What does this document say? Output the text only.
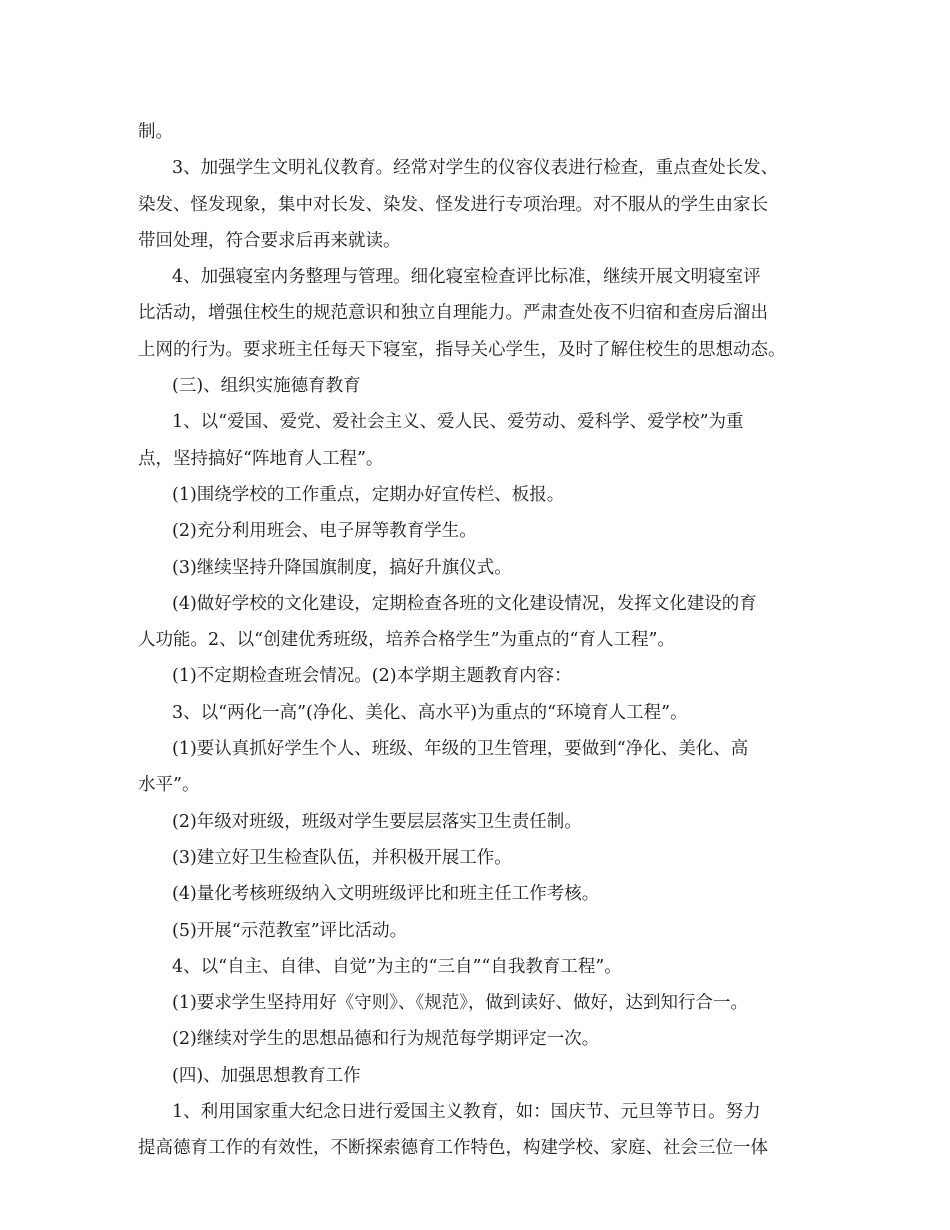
制。
3、加强学生文明礼仪教育。经常对学生的仪容仪表进行检查，重点查处长发、
染发、怪发现象，集中对长发、染发、怪发进行专项治理。对不服从的学生由家长
带回处理，符合要求后再来就读。
4、加强寝室内务整理与管理。细化寝室检查评比标准，继续开展文明寝室评
比活动，增强住校生的规范意识和独立自理能力。严肃查处夜不归宿和查房后溜出
上网的行为。要求班主任每天下寝室，指导关心学生，及时了解住校生的思想动态。
(三)、组织实施德育教育
1、以“爱国、爱党、爱社会主义、爱人民、爱劳动、爱科学、爱学校”为重
点，坚持搞好“阵地育人工程”。
(1)围绕学校的工作重点，定期办好宣传栏、板报。
(2)充分利用班会、电子屏等教育学生。
(3)继续坚持升降国旗制度，搞好升旗仪式。
(4)做好学校的文化建设，定期检查各班的文化建设情况，发挥文化建设的育
人功能。2、以“创建优秀班级，培养合格学生”为重点的“育人工程”。
(1)不定期检查班会情况。(2)本学期主题教育内容：
3、以“两化一高”(净化、美化、高水平)为重点的“环境育人工程”。
(1)要认真抓好学生个人、班级、年级的卫生管理，要做到“净化、美化、高
水平”。
(2)年级对班级，班级对学生要层层落实卫生责任制。
(3)建立好卫生检查队伍，并积极开展工作。
(4)量化考核班级纳入文明班级评比和班主任工作考核。
(5)开展“示范教室”评比活动。
4、以“自主、自律、自觉”为主的“三自”“自我教育工程”。
(1)要求学生坚持用好《守则》、《规范》，做到读好、做好，达到知行合一。
(2)继续对学生的思想品德和行为规范每学期评定一次。
(四)、加强思想教育工作
1、利用国家重大纪念日进行爱国主义教育，如：国庆节、元旦等节日。努力
提高德育工作的有效性，不断探索德育工作特色，构建学校、家庭、社会三位一体
